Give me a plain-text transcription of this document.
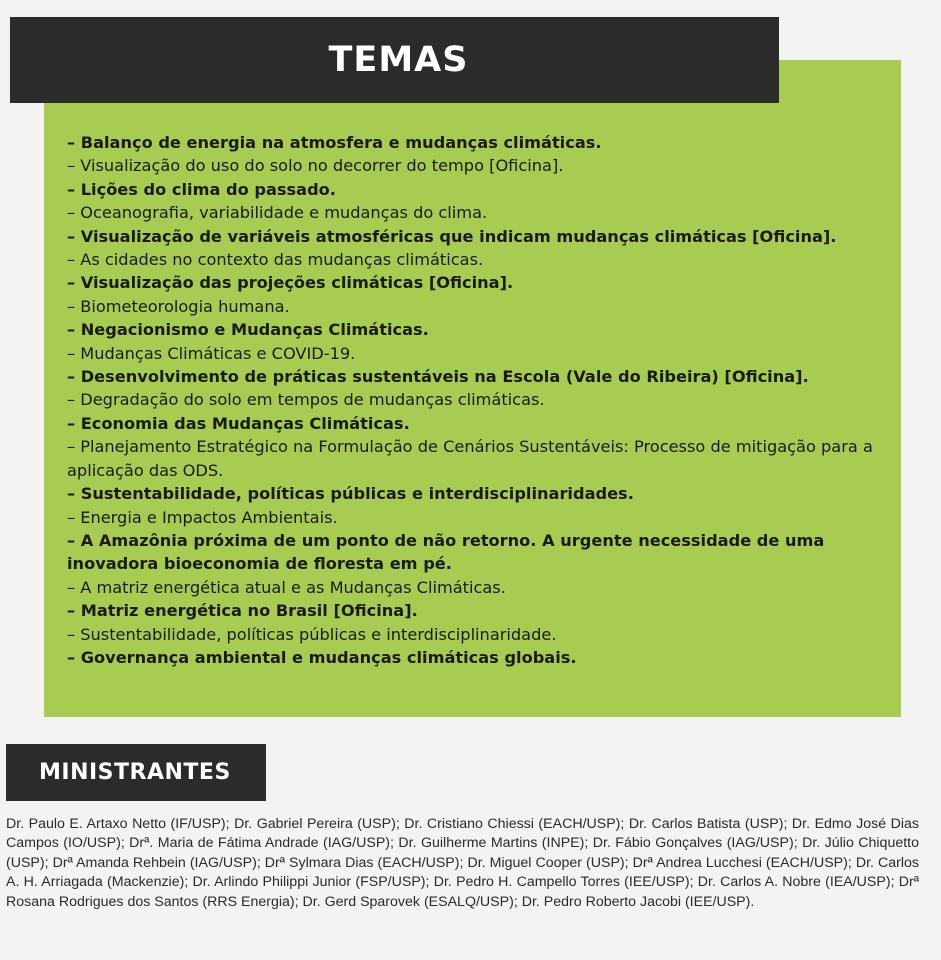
TEMAS
– Balanço de energia na atmosfera e mudanças climáticas.
– Visualização do uso do solo no decorrer do tempo [Oficina].
– Lições do clima do passado.
– Oceanografia, variabilidade e mudanças do clima.
– Visualização de variáveis atmosféricas que indicam mudanças climáticas [Oficina].
– As cidades no contexto das mudanças climáticas.
– Visualização das projeções climáticas [Oficina].
– Biometeorologia humana.
– Negacionismo e Mudanças Climáticas.
– Mudanças Climáticas e COVID-19.
– Desenvolvimento de práticas sustentáveis na Escola (Vale do Ribeira) [Oficina].
– Degradação do solo em tempos de mudanças climáticas.
– Economia das Mudanças Climáticas.
– Planejamento Estratégico na Formulação de Cenários Sustentáveis: Processo de mitigação para a aplicação das ODS.
– Sustentabilidade, políticas públicas e interdisciplinaridades.
– Energia e Impactos Ambientais.
– A Amazônia próxima de um ponto de não retorno. A urgente necessidade de uma inovadora bioeconomia de floresta em pé.
– A matriz energética atual e as Mudanças Climáticas.
– Matriz energética no Brasil [Oficina].
– Sustentabilidade, políticas públicas e interdisciplinaridade.
– Governança ambiental e mudanças climáticas globais.
MINISTRANTES

Dr. Paulo E. Artaxo Netto (IF/USP); Dr. Gabriel Pereira (USP); Dr. Cristiano Chiessi (EACH/USP); Dr. Carlos Batista (USP); Dr. Edmo José Dias Campos (IO/USP); Drª. Maria de Fátima Andrade (IAG/USP); Dr. Guilherme Martins (INPE); Dr. Fábio Gonçalves (IAG/USP); Dr. Júlio Chiquetto (USP); Drª Amanda Rehbein (IAG/USP); Drª Sylmara Dias (EACH/USP); Dr. Miguel Cooper (USP); Drª Andrea Lucchesi (EACH/USP); Dr. Carlos A. H. Arriagada (Mackenzie); Dr. Arlindo Philippi Junior (FSP/USP); Dr. Pedro H. Campello Torres (IEE/USP); Dr. Carlos A. Nobre (IEA/USP); Drª Rosana Rodrigues dos Santos (RRS Energia); Dr. Gerd Sparovek (ESALQ/USP); Dr. Pedro Roberto Jacobi (IEE/USP).
